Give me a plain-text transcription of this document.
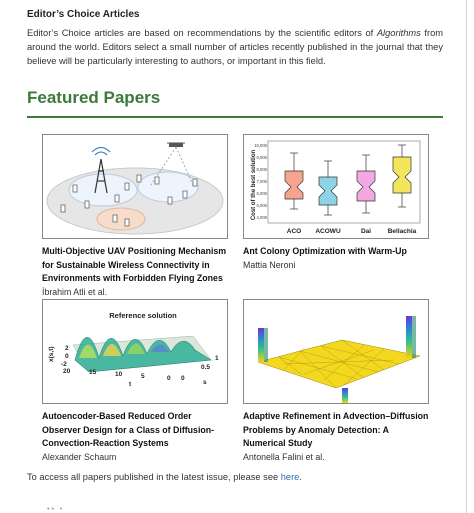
Editor’s Choice Articles
Editor’s Choice articles are based on recommendations by the scientific editors of Algorithms from around the world. Editors select a small number of articles recently published in the journal that they believe will be particularly interesting to authors, or important in this field.
Featured Papers
Multi-Objective UAV Positioning Mechanism for Sustainable Wireless Connectivity in Environments with Forbidden Flying Zones
İbrahim Atli et al.
Cost of the best solution
10,000
9,000
8,000
7,000
6,000
5,000
4,000
ACO ACOWU	Dai	Bellachia
Ant Colony Optimization with Warm-Up
Mattia Neroni
Reference solution
x(s,t) 2
0
-2
20	15	10	5	0
t
1
0.5
0
s
Autoencoder-Based Reduced Order Observer Design for a Class of Diffusion-Convection-Reaction Systems
Alexander Schaum
Adaptive Refinement in Advection–Diffusion Problems by Anomaly Detection: A Numerical Study
Antonella Falini et al.
To access all papers published in the latest issue, please see here.
•• •
